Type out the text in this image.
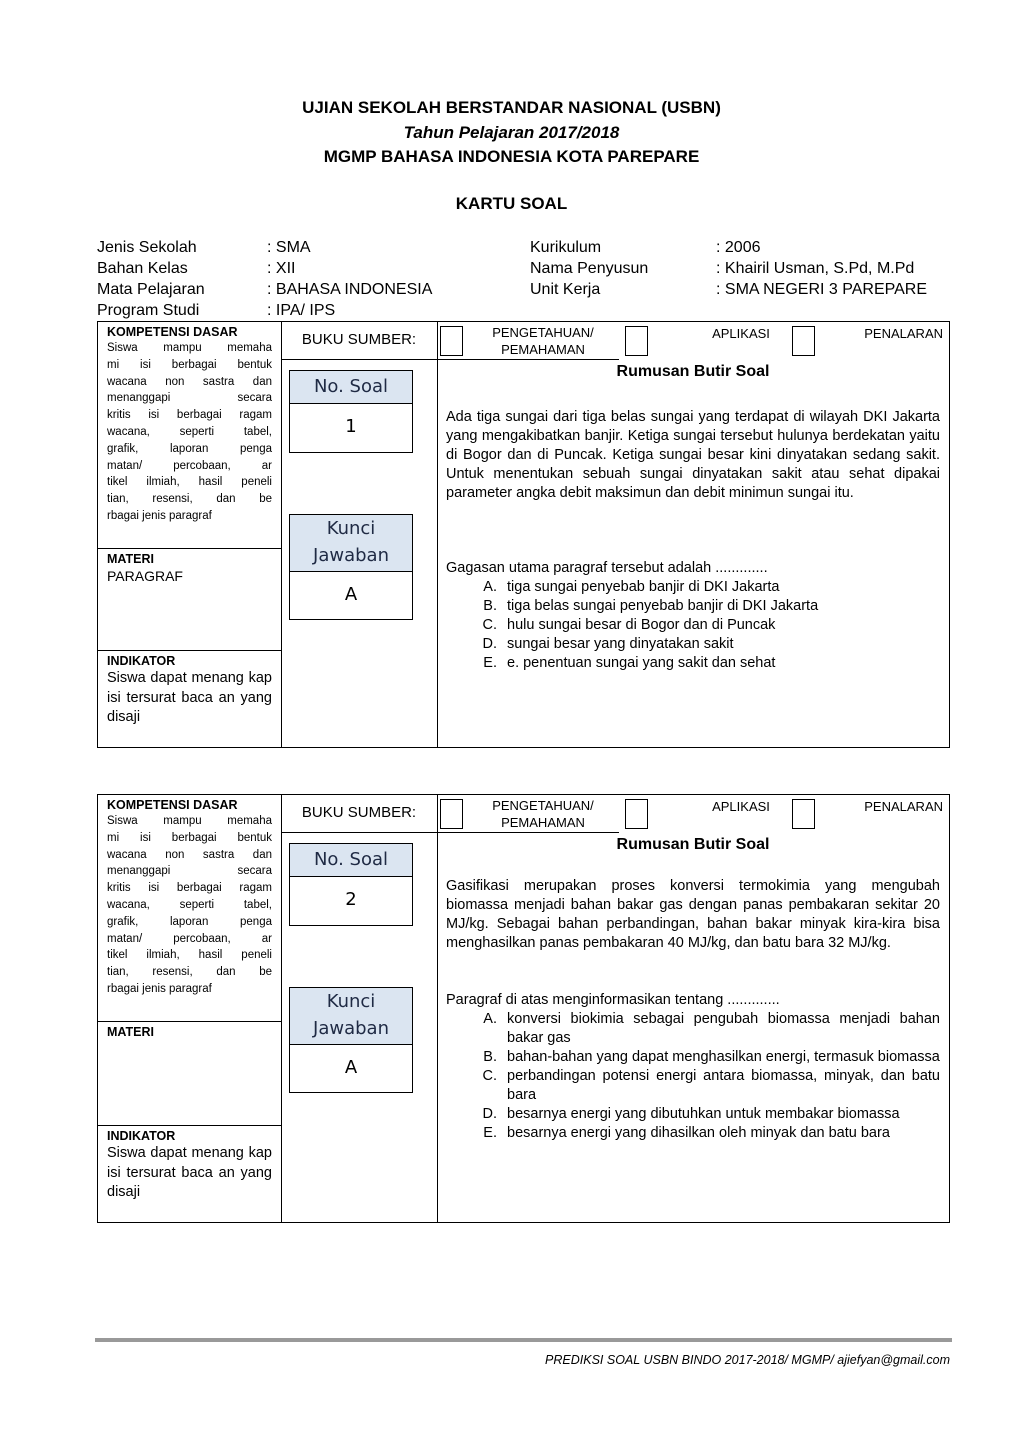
UJIAN SEKOLAH BERSTANDAR NASIONAL (USBN)
Tahun Pelajaran 2017/2018
MGMP BAHASA INDONESIA KOTA PAREPARE
KARTU SOAL
Jenis Sekolah	: SMA
Bahan Kelas	: XII
Mata Pelajaran	: BAHASA INDONESIA
Program Studi	: IPA/ IPS
Kurikulum	: 2006
Nama Penyusun	: Khairil Usman, S.Pd, M.Pd
Unit Kerja	: SMA NEGERI 3 PAREPARE
KOMPETENSI DASAR
Siswa mampu memaha
mi isi berbagai bentuk
wacana non sastra dan
menanggapi secara
kritis isi berbagai ragam
wacana, seperti tabel,
grafik, laporan penga
matan/ percobaan, ar
tikel ilmiah, hasil peneli
tian, resensi, dan be
rbagai jenis paragraf
MATERI
PARAGRAF
INDIKATOR
Siswa dapat menang kap isi tersurat baca an yang disaji
BUKU SUMBER:
No. Soal
1
Kunci
Jawaban
A
PENGETAHUAN/
PEMAHAMAN
APLIKASI	PENALARAN
Rumusan Butir Soal
Ada tiga sungai dari tiga belas sungai yang terdapat di wilayah DKI Jakarta yang mengakibatkan banjir. Ketiga sungai tersebut hulunya berdekatan yaitu di Bogor dan di Puncak. Ketiga sungai besar kini dinyatakan sedang sakit. Untuk menentukan sebuah sungai dinyatakan sakit atau sehat dipakai parameter angka debit maksimun dan debit minimun sungai itu.
Gagasan utama paragraf tersebut adalah .............
A. tiga sungai penyebab banjir di DKI Jakarta
B. tiga belas sungai penyebab banjir di DKI Jakarta
C. hulu sungai besar di Bogor dan di Puncak
D. sungai besar yang dinyatakan sakit
E. e. penentuan sungai yang sakit dan sehat
KOMPETENSI DASAR
Siswa mampu memaha
mi isi berbagai bentuk
wacana non sastra dan
menanggapi secara
kritis isi berbagai ragam
wacana, seperti tabel,
grafik, laporan penga
matan/ percobaan, ar
tikel ilmiah, hasil peneli
tian, resensi, dan be
rbagai jenis paragraf
MATERI
INDIKATOR
Siswa dapat menang kap isi tersurat baca an yang disaji
BUKU SUMBER:
No. Soal
2
Kunci
Jawaban
A
PENGETAHUAN/
PEMAHAMAN
APLIKASI	PENALARAN
Rumusan Butir Soal
Gasifikasi merupakan proses konversi termokimia yang mengubah biomassa menjadi bahan bakar gas dengan panas pembakaran sekitar 20 MJ/kg. Sebagai bahan perbandingan, bahan bakar minyak kira-kira bisa menghasilkan panas pembakaran 40 MJ/kg, dan batu bara 32 MJ/kg.
Paragraf di atas menginformasikan tentang .............
A. konversi biokimia sebagai pengubah biomassa menjadi bahan bakar gas
B. bahan-bahan yang dapat menghasilkan energi, termasuk biomassa
C. perbandingan potensi energi antara biomassa, minyak, dan batu bara
D. besarnya energi yang dibutuhkan untuk membakar biomassa
E. besarnya energi yang dihasilkan oleh minyak dan batu bara
PREDIKSI SOAL USBN BINDO 2017-2018/ MGMP/ ajiefyan@gmail.com
